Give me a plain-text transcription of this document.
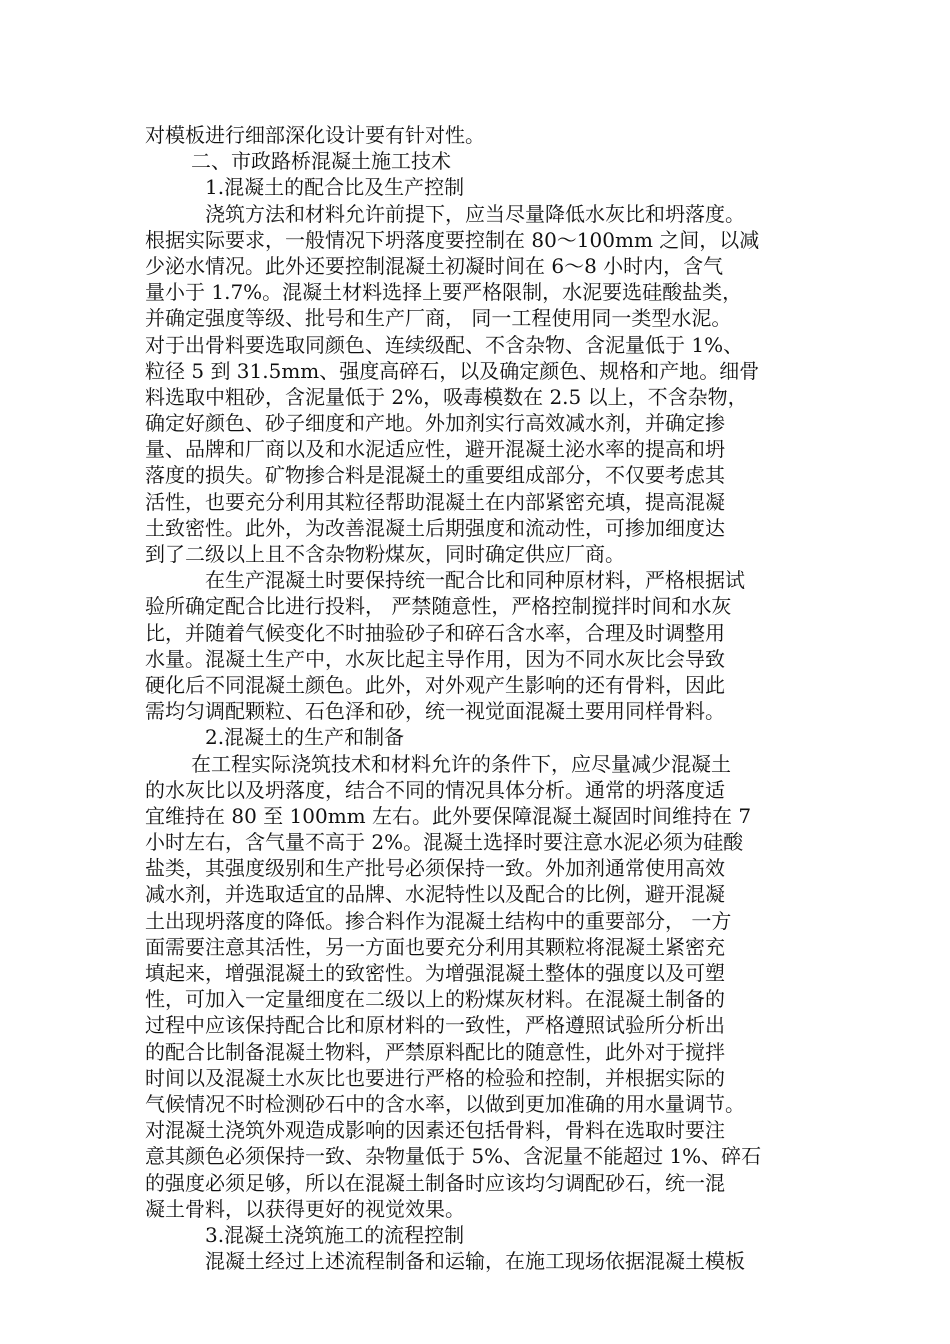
对模板进行细部深化设计要有针对性。
二、市政路桥混凝土施工技术
1.混凝土的配合比及生产控制
浇筑方法和材料允许前提下，应当尽量降低水灰比和坍落度。
根据实际要求，一般情况下坍落度要控制在 80～100mm 之间，以减
少泌水情况。此外还要控制混凝土初凝时间在 6～8 小时内，含气
量小于 1.7%。混凝土材料选择上要严格限制，水泥要选硅酸盐类，
并确定强度等级、批号和生产厂商， 同一工程使用同一类型水泥。
对于出骨料要选取同颜色、连续级配、不含杂物、含泥量低于 1%、
粒径 5 到 31.5mm、强度高碎石，以及确定颜色、规格和产地。细骨
料选取中粗砂，含泥量低于 2%，吸毒模数在 2.5 以上，不含杂物，
确定好颜色、砂子细度和产地。外加剂实行高效减水剂，并确定掺
量、品牌和厂商以及和水泥适应性，避开混凝土泌水率的提高和坍
落度的损失。矿物掺合料是混凝土的重要组成部分，不仅要考虑其
活性，也要充分利用其粒径帮助混凝土在内部紧密充填，提高混凝
土致密性。此外，为改善混凝土后期强度和流动性，可掺加细度达
到了二级以上且不含杂物粉煤灰，同时确定供应厂商。
在生产混凝土时要保持统一配合比和同种原材料，严格根据试
验所确定配合比进行投料， 严禁随意性，严格控制搅拌时间和水灰
比，并随着气候变化不时抽验砂子和碎石含水率，合理及时调整用
水量。混凝土生产中，水灰比起主导作用，因为不同水灰比会导致
硬化后不同混凝土颜色。此外，对外观产生影响的还有骨料，因此
需均匀调配颗粒、石色泽和砂，统一视觉面混凝土要用同样骨料。
2.混凝土的生产和制备
在工程实际浇筑技术和材料允许的条件下，应尽量减少混凝土
的水灰比以及坍落度，结合不同的情况具体分析。通常的坍落度适
宜维持在 80 至 100mm 左右。此外要保障混凝土凝固时间维持在 7
小时左右，含气量不高于 2%。混凝土选择时要注意水泥必须为硅酸
盐类，其强度级别和生产批号必须保持一致。外加剂通常使用高效
减水剂，并选取适宜的品牌、水泥特性以及配合的比例，避开混凝
土出现坍落度的降低。掺合料作为混凝土结构中的重要部分， 一方
面需要注意其活性，另一方面也要充分利用其颗粒将混凝土紧密充
填起来，增强混凝土的致密性。为增强混凝土整体的强度以及可塑
性，可加入一定量细度在二级以上的粉煤灰材料。在混凝土制备的
过程中应该保持配合比和原材料的一致性，严格遵照试验所分析出
的配合比制备混凝土物料，严禁原料配比的随意性，此外对于搅拌
时间以及混凝土水灰比也要进行严格的检验和控制，并根据实际的
气候情况不时检测砂石中的含水率，以做到更加准确的用水量调节。
对混凝土浇筑外观造成影响的因素还包括骨料，骨料在选取时要注
意其颜色必须保持一致、杂物量低于 5%、含泥量不能超过 1%、碎石
的强度必须足够，所以在混凝土制备时应该均匀调配砂石，统一混
凝土骨料，以获得更好的视觉效果。
3.混凝土浇筑施工的流程控制
混凝土经过上述流程制备和运输，在施工现场依据混凝土模板
